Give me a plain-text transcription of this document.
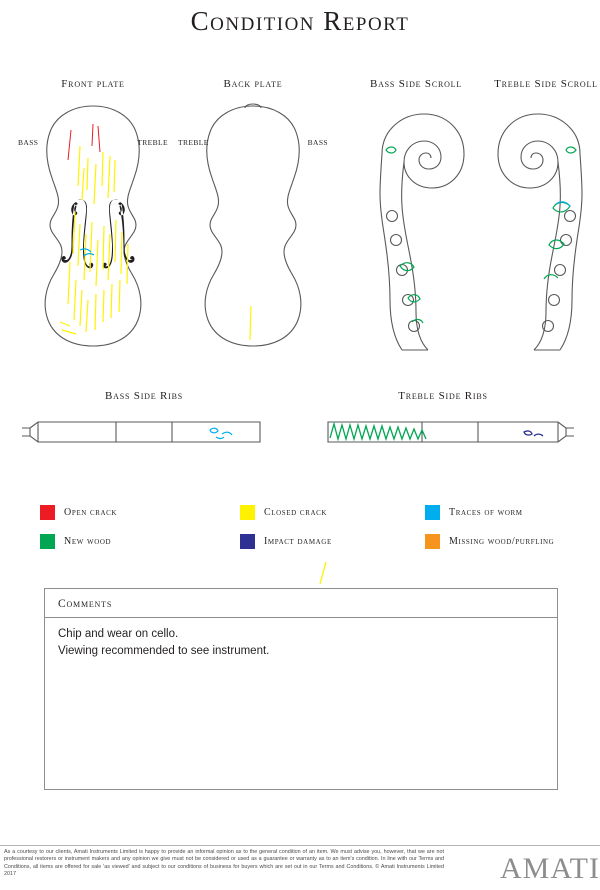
Condition Report
Front plate
BASS	TREBLE
Back plate
TREBLE	BASS
Bass Side Scroll	Treble Side Scroll
Bass Side Ribs	Treble Side Ribs
Open crack	Closed crack	Traces of worm
New wood	Impact damage	Missing wood/purfling
Comments
Chip and wear on cello.
Viewing recommended to see instrument.
As a courtesy to our clients, Amati Instruments Limited is happy to provide an informal opinion as to the general condition of an item. We must advise you, however, that we are not professional restorers or instrument makers and any opinion we give must not be considered or used as a guarantee or warranty as to an item's condition. In line with our Terms and Conditions, all items are offered for sale 'as viewed' and subject to our conditions of business for buyers which are set out in our Terms and Conditions. © Amati Instruments Limited 2017	AMATI
